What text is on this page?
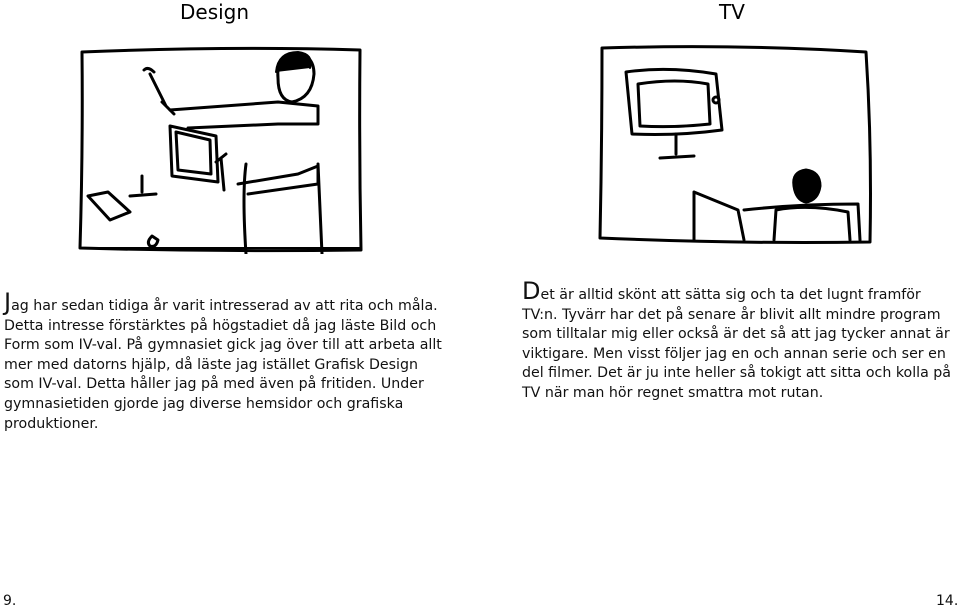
Design	TV

Jag har sedan tidiga år varit intresserad av att rita och måla. Detta intresse förstärktes på högstadiet då jag läste Bild och Form som IV-val. På gymnasiet gick jag över till att arbeta allt mer med datorns hjälp, då läste jag istället Grafisk Design som IV-val. Detta håller jag på med även på fritiden. Under gymnasietiden gjorde jag diverse hemsidor och grafiska produktioner.

Det är alltid skönt att sätta sig och ta det lugnt framför TV:n. Tyvärr har det på senare år blivit allt mindre program som tilltalar mig eller också är det så att jag tycker annat är viktigare. Men visst följer jag en och annan serie och ser en del filmer. Det är ju inte heller så tokigt att sitta och kolla på TV när man hör regnet smattra mot rutan.

9.	14.
